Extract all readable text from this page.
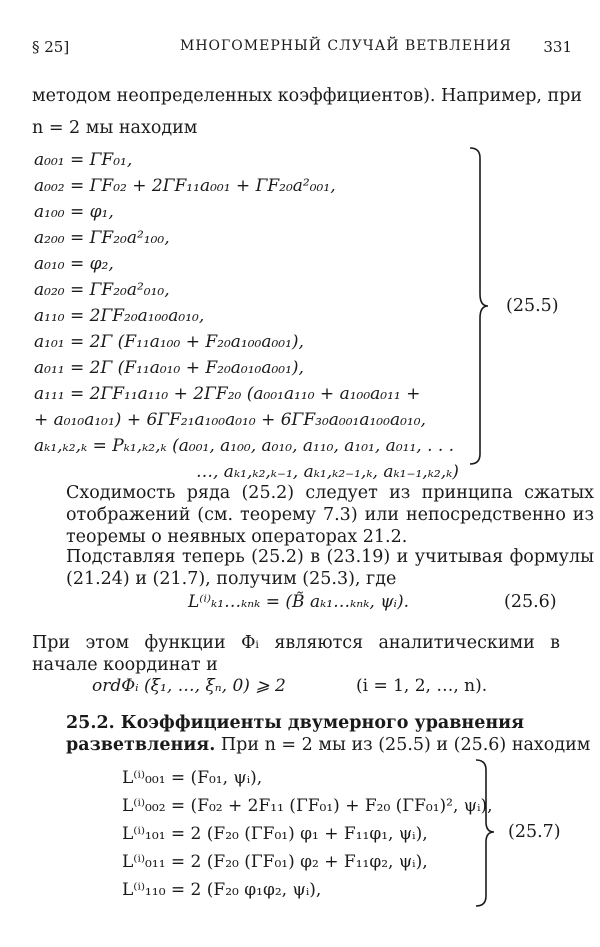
§ 25]	МНОГОМЕРНЫЙ СЛУЧАЙ ВЕТВЛЕНИЯ 331
методом неопределенных коэффициентов). Например, при
n = 2 мы находим
a₀₀₁ = ΓF₀₁,
a₀₀₂ = ΓF₀₂ + 2ΓF₁₁a₀₀₁ + ΓF₂₀a²₀₀₁,
a₁₀₀ = φ₁,
a₂₀₀ = ΓF₂₀a²₁₀₀,
a₀₁₀ = φ₂,
a₀₂₀ = ΓF₂₀a²₀₁₀,
a₁₁₀ = 2ΓF₂₀a₁₀₀a₀₁₀,
a₁₀₁ = 2Γ (F₁₁a₁₀₀ + F₂₀a₁₀₀a₀₀₁),
a₀₁₁ = 2Γ (F₁₁a₀₁₀ + F₂₀a₀₁₀a₀₀₁),
a₁₁₁ = 2ΓF₁₁a₁₁₀ + 2ΓF₂₀ (a₀₀₁a₁₁₀ + a₁₀₀a₀₁₁ +
+ a₀₁₀a₁₀₁) + 6ΓF₂₁a₁₀₀a₀₁₀ + 6ΓF₃₀a₀₀₁a₁₀₀a₀₁₀,
aₖ₁,ₖ₂,ₖ = Pₖ₁,ₖ₂,ₖ (a₀₀₁, a₁₀₀, a₀₁₀, a₁₁₀, a₁₀₁, a₀₁₁, . . .
…, aₖ₁,ₖ₂,ₖ₋₁, aₖ₁,ₖ₂₋₁,ₖ, aₖ₁₋₁,ₖ₂,ₖ)
(25.5)
Сходимость ряда (25.2) следует из принципа сжатых отображений (см. теорему 7.3) или непосредственно из теоремы о неявных операторах 21.2.
Подставляя теперь (25.2) в (23.19) и учитывая формулы (21.24) и (21.7), получим (25.3), где
L⁽ⁱ⁾ₖ₁…ₖₙₖ = (B̃ aₖ₁…ₖₙₖ, ψᵢ).	(25.6)
При этом функции Φᵢ являются аналитическими в начале координат и
ordΦᵢ (ξ₁, …, ξₙ, 0) ⩾ 2	(i = 1, 2, …, n).
25.2. Коэффициенты двумерного уравнения разветвления. При n = 2 мы из (25.5) и (25.6) находим
L⁽ⁱ⁾₀₀₁ = (F₀₁, ψᵢ),
L⁽ⁱ⁾₀₀₂ = (F₀₂ + 2F₁₁ (ΓF₀₁) + F₂₀ (ΓF₀₁)², ψᵢ),
L⁽ⁱ⁾₁₀₁ = 2 (F₂₀ (ΓF₀₁) φ₁ + F₁₁φ₁, ψᵢ),
L⁽ⁱ⁾₀₁₁ = 2 (F₂₀ (ΓF₀₁) φ₂ + F₁₁φ₂, ψᵢ),
L⁽ⁱ⁾₁₁₀ = 2 (F₂₀ φ₁φ₂, ψᵢ),
(25.7)
